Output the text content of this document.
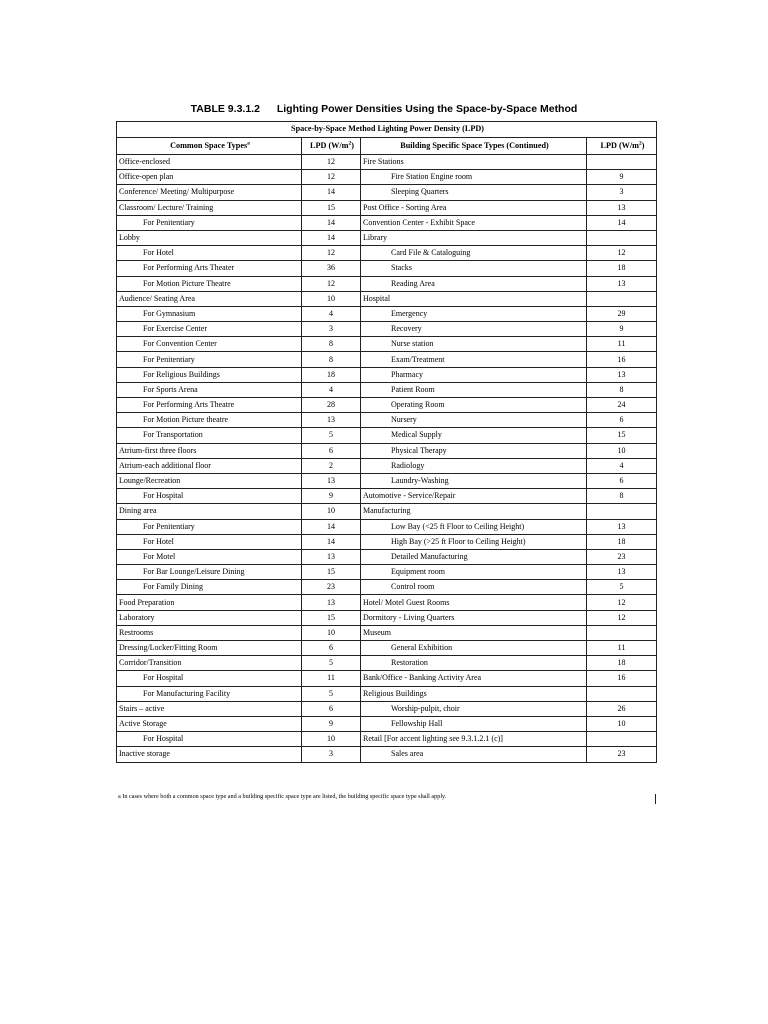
TABLE 9.3.1.2 Lighting Power Densities Using the Space-by-Space Method
Space-by-Space Method Lighting Power Density (LPD)			
Common Space Types$^a$	LPD $(W/m^2)$	Building Specific Space Types (Continued)	LPD $(W/m^2)$
Office-enclosed	12	Fire Stations	
Office-open plan	12	Fire Station Engine room	9
Conference/ Meeting/ Multipurpose	14	Sleeping Quarters	3
Classroom/ Lecture/ Training	15	Post Office - Sorting Area	13
For Penitentiary	14	Convention Center - Exhibit Space	14
Lobby	14	Library	
For Hotel	12	Card File & Cataloguing	12
For Performing Arts Theater	36	Stacks	18
For Motion Picture Theatre	12	Reading Area	13
Audience/ Seating Area	10	Hospital	
For Gymnasium	4	Emergency	29
For Exercise Center	3	Recovery	9
For Convention Center	8	Nurse station	11
For Penitentiary	8	Exam/Treatment	16
For Religious Buildings	18	Pharmacy	13
For Sports Arena	4	Patient Room	8
For Performing Arts Theatre	28	Operating Room	24
For Motion Picture theatre	13	Nursery	6
For Transportation	5	Medical Supply	15
Atrium-first three floors	6	Physical Therapy	10
Atrium-each additional floor	2	Radiology	4
Lounge/Recreation	13	Laundry-Washing	6
For Hospital	9	Automotive - Service/Repair	8
Dining area	10	Manufacturing	
For Penitentiary	14	Low Bay (<25 ft Floor to Ceiling Height)	13
For Hotel	14	High Bay (>25 ft Floor to Ceiling Height)	18
For Motel	13	Detailed Manufacturing	23
For Bar Lounge/Leisure Dining	15	Equipment room	13
For Family Dining	23	Control room	5
Food Preparation	13	Hotel/ Motel Guest Rooms	12
Laboratory	15	Dormitory - Living Quarters	12
Restrooms	10	Museum	
Dressing/Locker/Fitting Room	6	General Exhibition	11
Corridor/Transition	5	Restoration	18
For Hospital	11	Bank/Office - Banking Activity Area	16
For Manufacturing Facility	5	Religious Buildings	
Stairs – active	6	Worship-pulpit, choir	26
Active Storage	9	Fellowship Hall	10
For Hospital	10	Retail [For accent lighting see 9.3.1.2.1 (c)]	
Inactive storage	3	Sales area	23
a In cases where both a common space type and a building specific space type are listed, the building specific space type shall apply.
